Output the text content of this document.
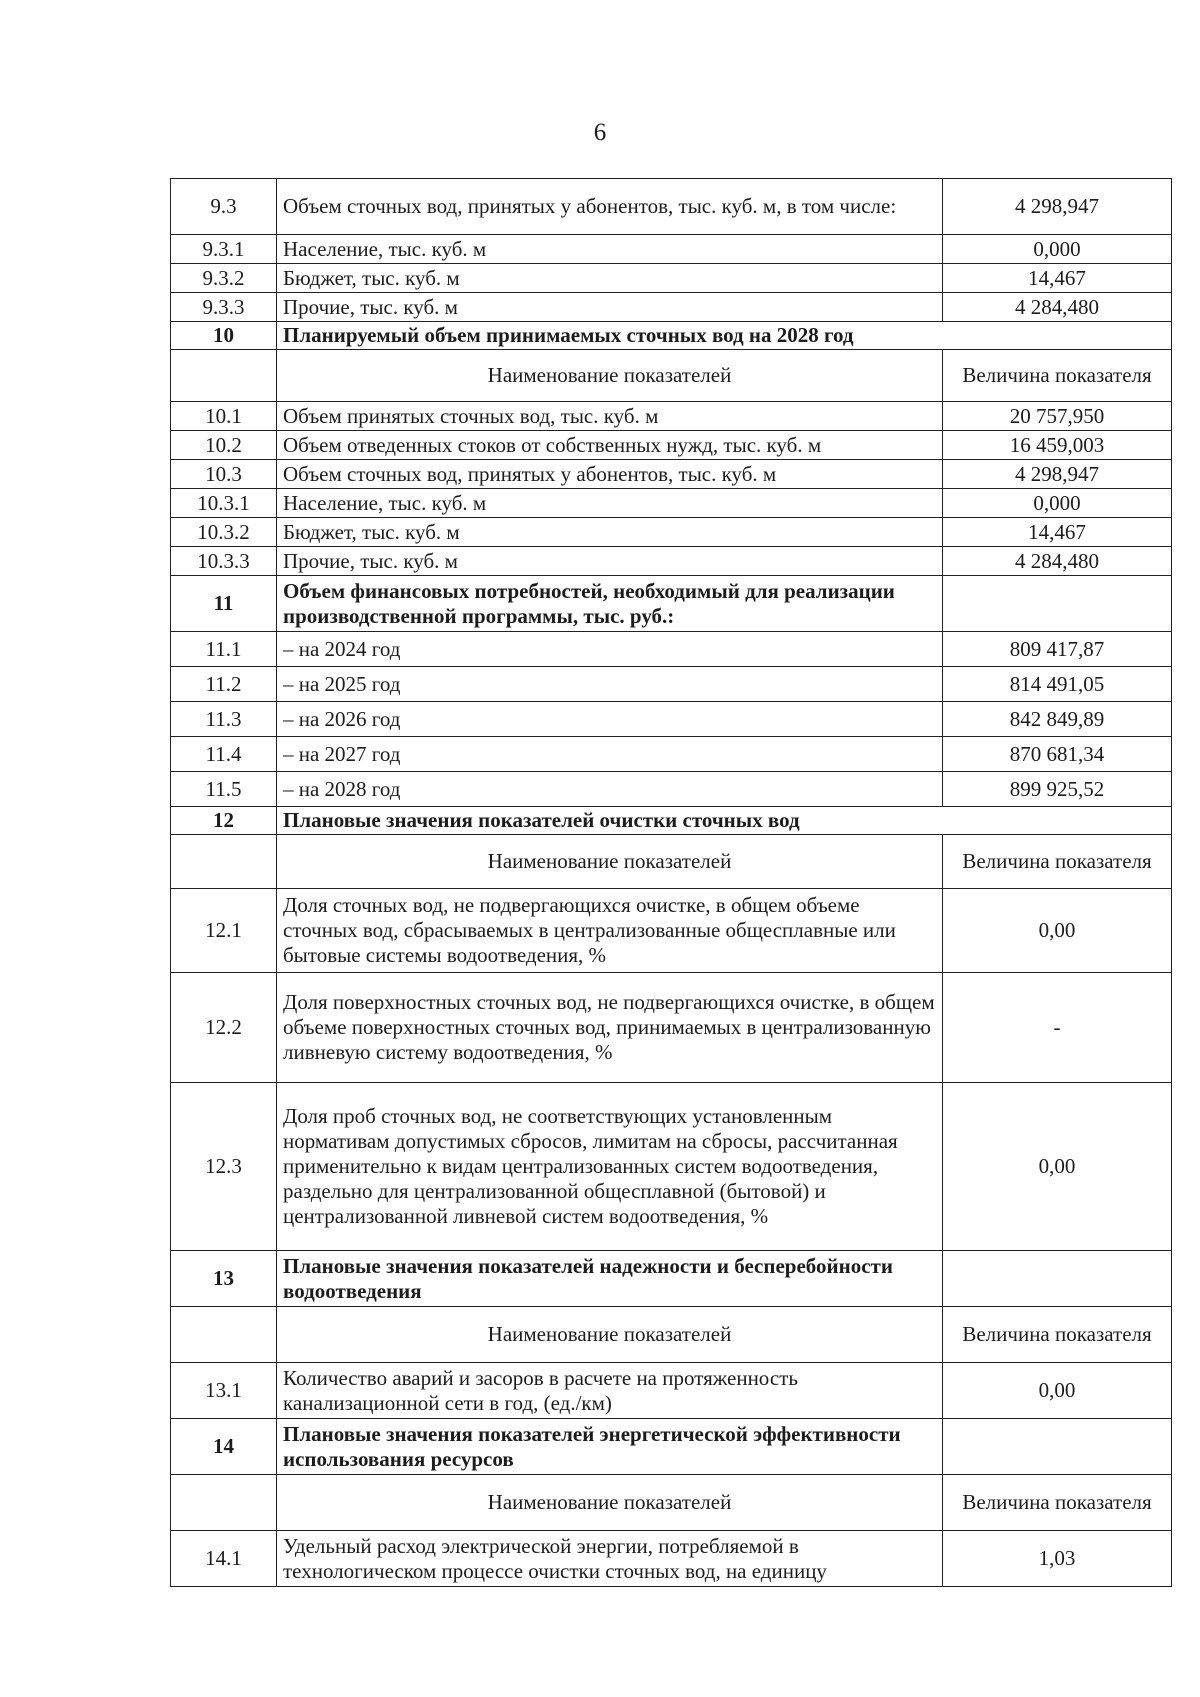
6
9.3	Объем сточных вод, принятых у абонентов, тыс. куб. м, в том числе:	4 298,947
9.3.1	Население, тыс. куб. м	0,000
9.3.2	Бюджет, тыс. куб. м	14,467
9.3.3	Прочие, тыс. куб. м	4 284,480
10	Планируемый объем принимаемых сточных вод на 2028 год	
	Наименование показателей	Величина показателя
10.1	Объем принятых сточных вод, тыс. куб. м	20 757,950
10.2	Объем отведенных стоков от собственных нужд, тыс. куб. м	16 459,003
10.3	Объем сточных вод, принятых у абонентов, тыс. куб. м	4 298,947
10.3.1	Население, тыс. куб. м	0,000
10.3.2	Бюджет, тыс. куб. м	14,467
10.3.3	Прочие, тыс. куб. м	4 284,480
11	Объем финансовых потребностей, необходимый для реализации производственной программы, тыс. руб.:	
11.1	– на 2024 год	809 417,87
11.2	– на 2025 год	814 491,05
11.3	– на 2026 год	842 849,89
11.4	– на 2027 год	870 681,34
11.5	– на 2028 год	899 925,52
12	Плановые значения показателей очистки сточных вод	
	Наименование показателей	Величина показателя
12.1	Доля сточных вод, не подвергающихся очистке, в общем объеме сточных вод, сбрасываемых в централизованные общесплавные или бытовые системы водоотведения, %	0,00
12.2	Доля поверхностных сточных вод, не подвергающихся очистке, в общем объеме поверхностных сточных вод, принимаемых в централизованную ливневую систему водоотведения, %	-
12.3	Доля проб сточных вод, не соответствующих установленным нормативам допустимых сбросов, лимитам на сбросы, рассчитанная применительно к видам централизованных систем водоотведения, раздельно для централизованной общесплавной (бытовой) и централизованной ливневой систем водоотведения, %	0,00
13	Плановые значения показателей надежности и бесперебойности водоотведения	
	Наименование показателей	Величина показателя
13.1	Количество аварий и засоров в расчете на протяженность канализационной сети в год, (ед./км)	0,00
14	Плановые значения показателей энергетической эффективности использования ресурсов	
	Наименование показателей	Величина показателя
14.1	Удельный расход электрической энергии, потребляемой в технологическом процессе очистки сточных вод, на единицу	1,03
